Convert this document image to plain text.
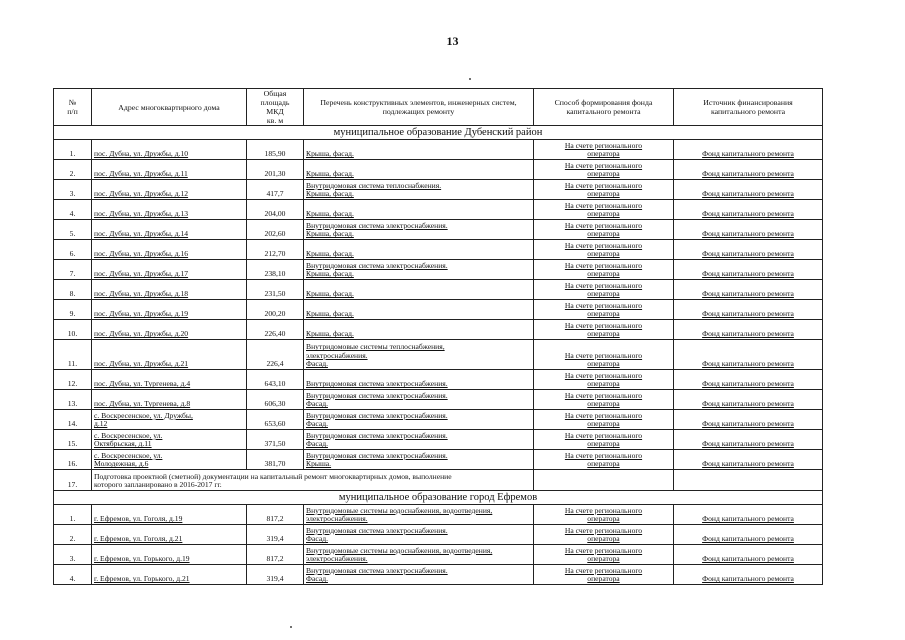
13
№
п/п	Адрес многоквартирного дома	Общая площадь
МКД
кв. м	Перечень конструктивных элементов, инженерных систем,
подлежащих ремонту	Способ формирования фонда
капитального ремонта	Источник финансирования
капитального ремонта
муниципальное образование Дубенский район					
1.	пос. Дубна, ул. Дружбы, д.10	185,90	Крыша, фасад.	На счете регионального
оператора	Фонд капитального ремонта
2.	пос. Дубна, ул. Дружбы, д.11	201,30	Крыша, фасад.	На счете регионального
оператора	Фонд капитального ремонта
3.	пос. Дубна, ул. Дружбы, д.12	417,7	Внутридомовая система теплоснабжения.
Крыша, фасад.	На счете регионального
оператора	Фонд капитального ремонта
4.	пос. Дубна, ул. Дружбы, д.13	204,00	Крыша, фасад.	На счете регионального
оператора	Фонд капитального ремонта
5.	пос. Дубна, ул. Дружбы, д.14	202,60	Внутридомовая система электроснабжения.
Крыша, фасад.	На счете регионального
оператора	Фонд капитального ремонта
6.	пос. Дубна, ул. Дружбы, д.16	212,70	Крыша, фасад.	На счете регионального
оператора	Фонд капитального ремонта
7.	пос. Дубна, ул. Дружбы, д.17	238,10	Внутридомовая система электроснабжения.
Крыша, фасад.	На счете регионального
оператора	Фонд капитального ремонта
8.	пос. Дубна, ул. Дружбы, д.18	231,50	Крыша, фасад.	На счете регионального
оператора	Фонд капитального ремонта
9.	пос. Дубна, ул. Дружбы, д.19	200,20	Крыша, фасад.	На счете регионального
оператора	Фонд капитального ремонта
10.	пос. Дубна, ул. Дружбы, д.20	226,40	Крыша, фасад.	На счете регионального
оператора	Фонд капитального ремонта
11.	пос. Дубна, ул. Дружбы, д.21	226,4	Внутридомовые системы теплоснабжения,
электроснабжения.
Фасад.	На счете регионального
оператора	Фонд капитального ремонта
12.	пос. Дубна, ул. Тургенева, д.4	643,10	Внутридомовая система электроснабжения.	На счете регионального
оператора	Фонд капитального ремонта
13.	пос. Дубна, ул. Тургенева, д.8	606,30	Внутридомовая система электроснабжения.
Фасад.	На счете регионального
оператора	Фонд капитального ремонта
14.	с. Воскресенское, ул. Дружбы,
д.12	653,60	Внутридомовая система электроснабжения.
Фасад.	На счете регионального
оператора	Фонд капитального ремонта
15.	с. Воскресенское, ул.
Октябрьская, д.11	371,50	Внутридомовая система электроснабжения.
Фасад.	На счете регионального
оператора	Фонд капитального ремонта
16.	с. Воскресенское, ул.
Молодежная, д.6	381,70	Внутридомовая система электроснабжения.
Крыша.	На счете регионального
оператора	Фонд капитального ремонта
17.	Подготовка проектной (сметной) документации на капитальный ремонт многоквартирных домов, выполнение
которого запланировано в 2016-2017 гг.				
муниципальное образование город Ефремов					
1.	г. Ефремов, ул. Гоголя, д.19	817,2	Внутридомовые системы водоснабжения, водоотведения,
электроснабжения.	На счете регионального
оператора	Фонд капитального ремонта
2.	г. Ефремов, ул. Гоголя, д.21	319,4	Внутридомовая система электроснабжения.
Фасад.	На счете регионального
оператора	Фонд капитального ремонта
3.	г. Ефремов, ул. Горького, д.19	817,2	Внутридомовые системы водоснабжения, водоотведения,
электроснабжения.	На счете регионального
оператора	Фонд капитального ремонта
4.	г. Ефремов, ул. Горького, д.21	319,4	Внутридомовая система электроснабжения.
Фасад.	На счете регионального
оператора	Фонд капитального ремонта
